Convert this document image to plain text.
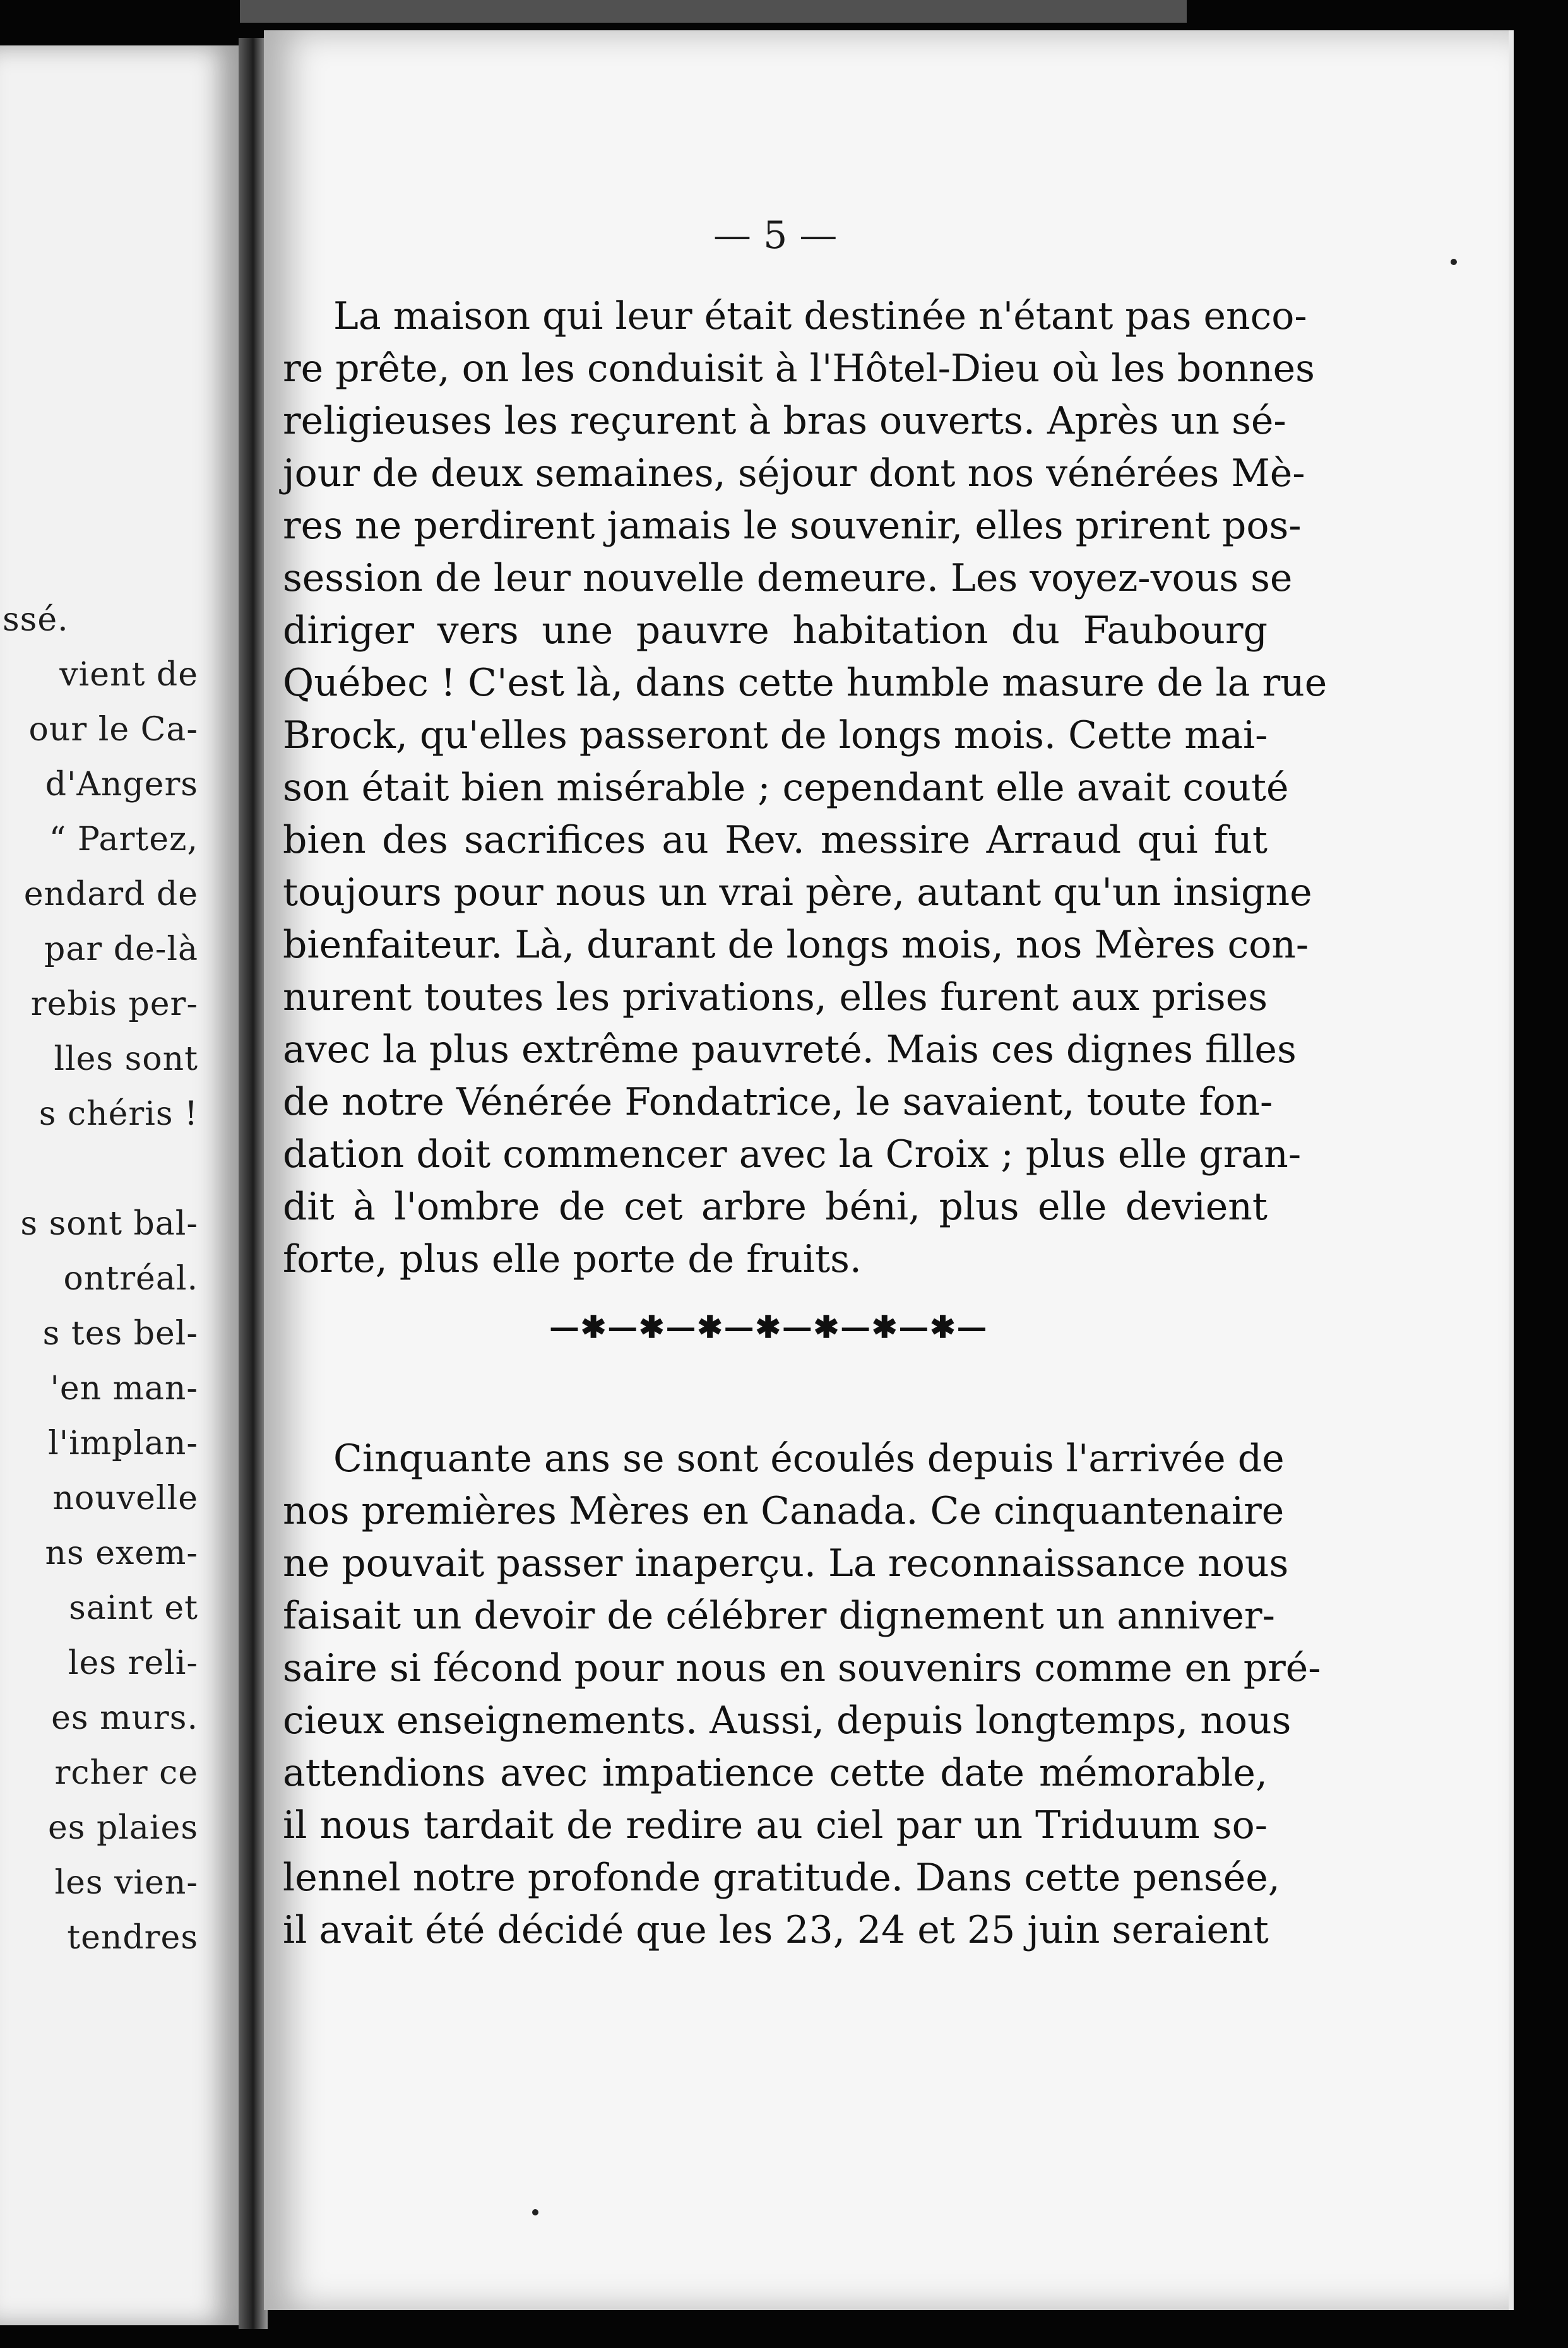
ssé.
vient de
our le Ca-
d'Angers
“ Partez,
endard de
par de-là
rebis per-
lles sont
s chéris !
s sont bal-
ontréal.
s tes bel-
'en man-
l'implan-
nouvelle
ns exem-
saint et
les reli-
es murs.
rcher ce
es plaies
les vien-
tendres
— 5 —
La maison qui leur était destinée n'étant pas enco-
re prête, on les conduisit à l'Hôtel-Dieu où les bonnes
religieuses les reçurent à bras ouverts. Après un sé-
jour de deux semaines, séjour dont nos vénérées Mè-
res ne perdirent jamais le souvenir, elles prirent pos-
session de leur nouvelle demeure. Les voyez-vous se
diriger vers une pauvre habitation du Faubourg
Québec ! C'est là, dans cette humble masure de la rue
Brock, qu'elles passeront de longs mois. Cette mai-
son était bien misérable ; cependant elle avait couté
bien des sacrifices au Rev. messire Arraud qui fut
toujours pour nous un vrai père, autant qu'un insigne
bienfaiteur. Là, durant de longs mois, nos Mères con-
nurent toutes les privations, elles furent aux prises
avec la plus extrême pauvreté. Mais ces dignes filles
de notre Vénérée Fondatrice, le savaient, toute fon-
dation doit commencer avec la Croix ; plus elle gran-
dit à l'ombre de cet arbre béni, plus elle devient
forte, plus elle porte de fruits.
—✱—✱—✱—✱—✱—✱—✱—
Cinquante ans se sont écoulés depuis l'arrivée de
nos premières Mères en Canada. Ce cinquantenaire
ne pouvait passer inaperçu. La reconnaissance nous
faisait un devoir de célébrer dignement un anniver-
saire si fécond pour nous en souvenirs comme en pré-
cieux enseignements. Aussi, depuis longtemps, nous
attendions avec impatience cette date mémorable,
il nous tardait de redire au ciel par un Triduum so-
lennel notre profonde gratitude. Dans cette pensée,
il avait été décidé que les 23, 24 et 25 juin seraient
